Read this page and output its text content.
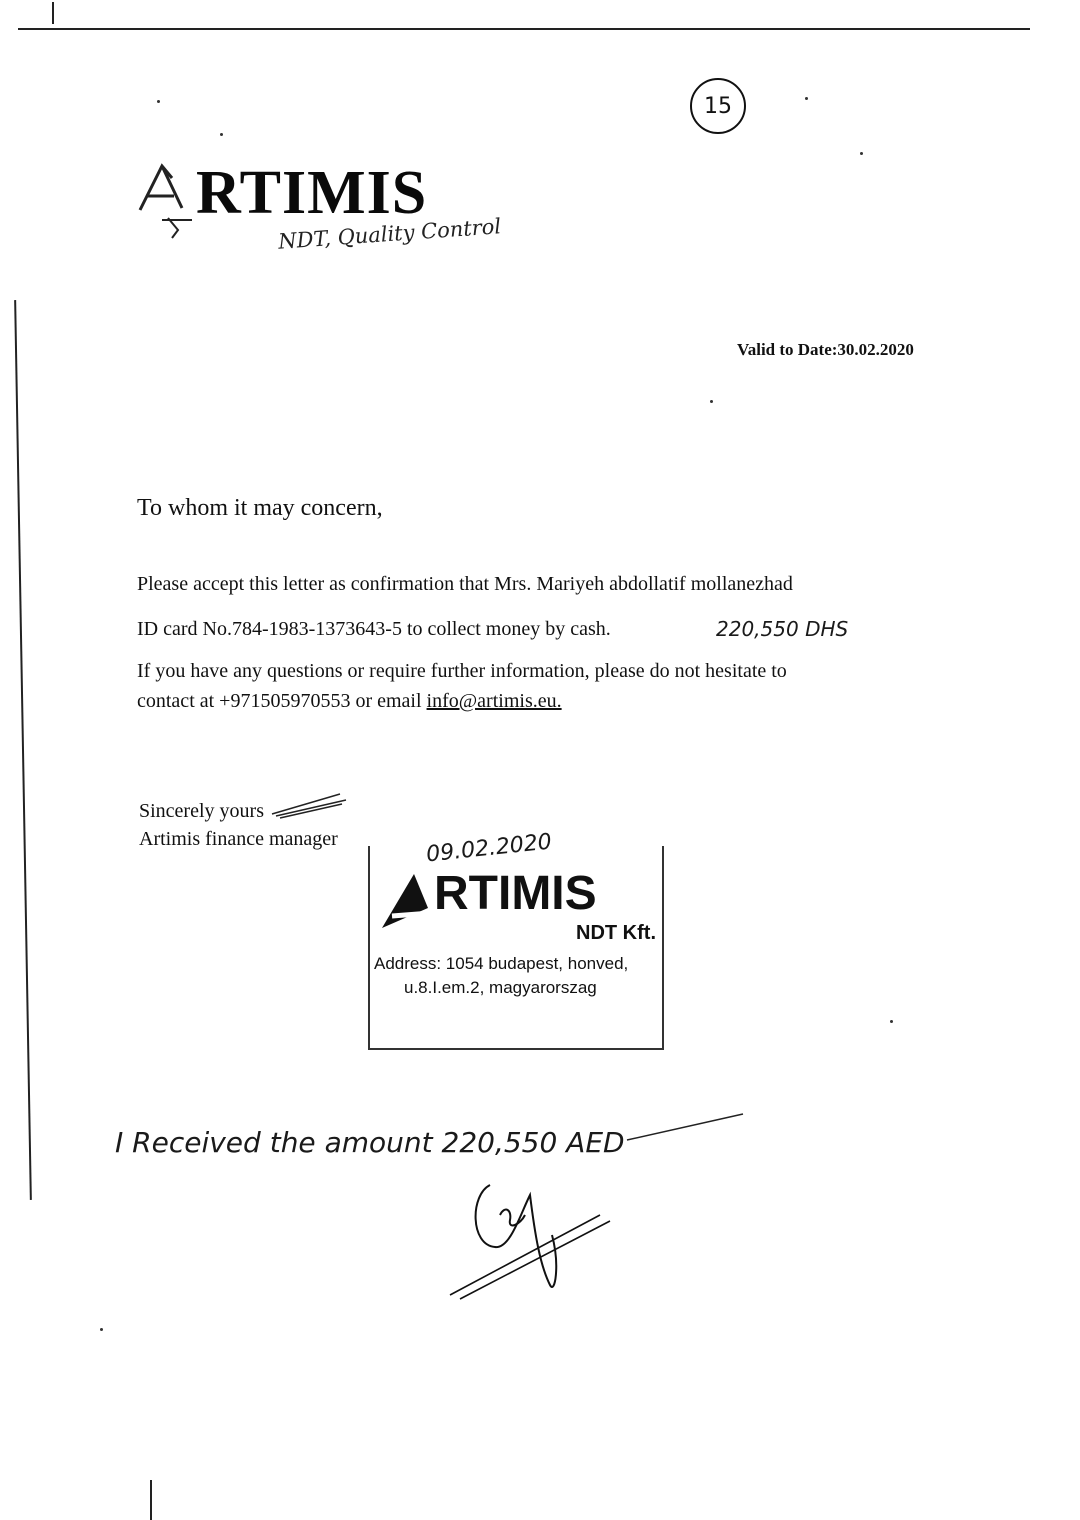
RTIMIS
NDT, Quality Control
15
Valid to Date:30.02.2020
To whom it may concern,
Please accept this letter as confirmation that Mrs. Mariyeh abdollatif mollanezhad
ID card No.784-1983-1373643-5 to collect money by cash.	220,550 DHS
If you have any questions or require further information, please do not hesitate to
contact at +971505970553 or email info@artimis.eu.
Sincerely yours
Artimis finance manager	09.02.2020
RTIMIS
NDT Kft.
Address: 1054 budapest, honved,
u.8.I.em.2, magyarorszag
I Received the amount 220,550 AED
